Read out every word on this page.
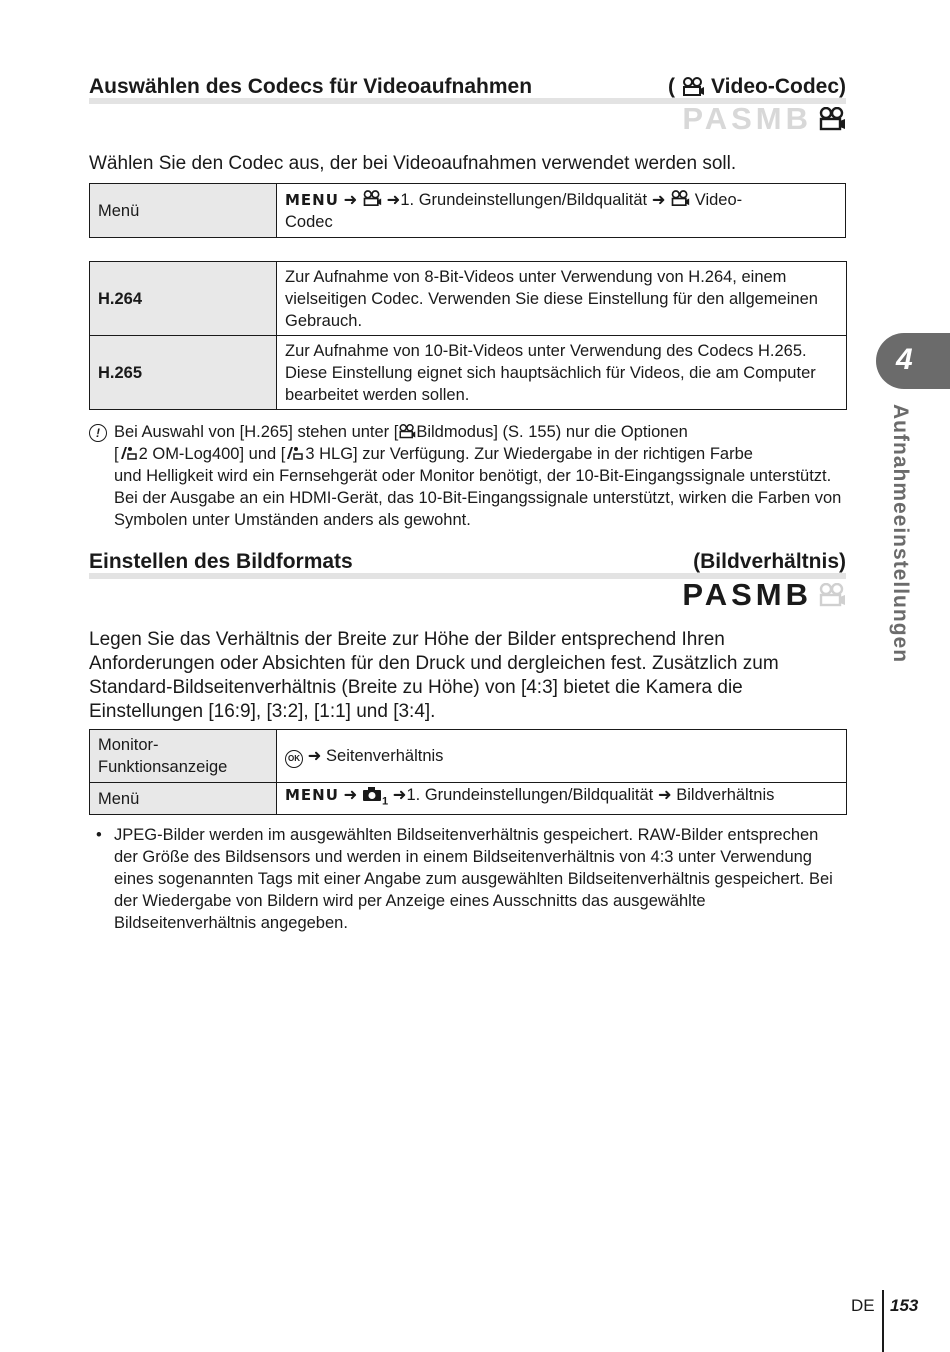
Auswählen des Codecs für Videoaufnahmen	( Video-Codec)
PASMB
Wählen Sie den Codec aus, der bei Videoaufnahmen verwendet werden soll.
Menü	MENU ➜ ➜1. Grundeinstellungen/Bildqualität ➜ Video-
Codec
H.264	Zur Aufnahme von 8-Bit-Videos unter Verwendung von H.264, einem vielseitigen Codec. Verwenden Sie diese Einstellung für den allgemeinen Gebrauch.
H.265	Zur Aufnahme von 10-Bit-Videos unter Verwendung des Codecs H.265. Diese Einstellung eignet sich hauptsächlich für Videos, die am Computer bearbeitet werden sollen.
! Bei Auswahl von [H.265] stehen unter [ Bildmodus] (S. 155) nur die Optionen
[ 2 OM-Log400] und [ 3 HLG] zur Verfügung. Zur Wiedergabe in der richtigen Farbe
und Helligkeit wird ein Fernsehgerät oder Monitor benötigt, der 10-Bit-Eingangssignale unterstützt. Bei der Ausgabe an ein HDMI-Gerät, das 10-Bit-Eingangssignale unterstützt, wirken die Farben von Symbolen unter Umständen anders als gewohnt.
Einstellen des Bildformats	(Bildverhältnis)
PASMB
Legen Sie das Verhältnis der Breite zur Höhe der Bilder entsprechend Ihren Anforderungen oder Absichten für den Druck und dergleichen fest. Zusätzlich zum Standard-Bildseitenverhältnis (Breite zu Höhe) von [4:3] bietet die Kamera die Einstellungen [16:9], [3:2], [1:1] und [3:4].
Monitor-
Funktionsanzeige	OK ➜ Seitenverhältnis
Menü	MENU ➜ $_1$ ➜1. Grundeinstellungen/Bildqualität ➜ Bildverhältnis
• JPEG-Bilder werden im ausgewählten Bildseitenverhältnis gespeichert. RAW-Bilder entsprechen der Größe des Bildsensors und werden in einem Bildseitenverhältnis von 4:3 unter Verwendung eines sogenannten Tags mit einer Angabe zum ausgewählten Bildseitenverhältnis gespeichert. Bei der Wiedergabe von Bildern wird per Anzeige eines Ausschnitts das ausgewählte Bildseitenverhältnis angegeben.
4
Aufnahmeeinstellungen
DE 153
